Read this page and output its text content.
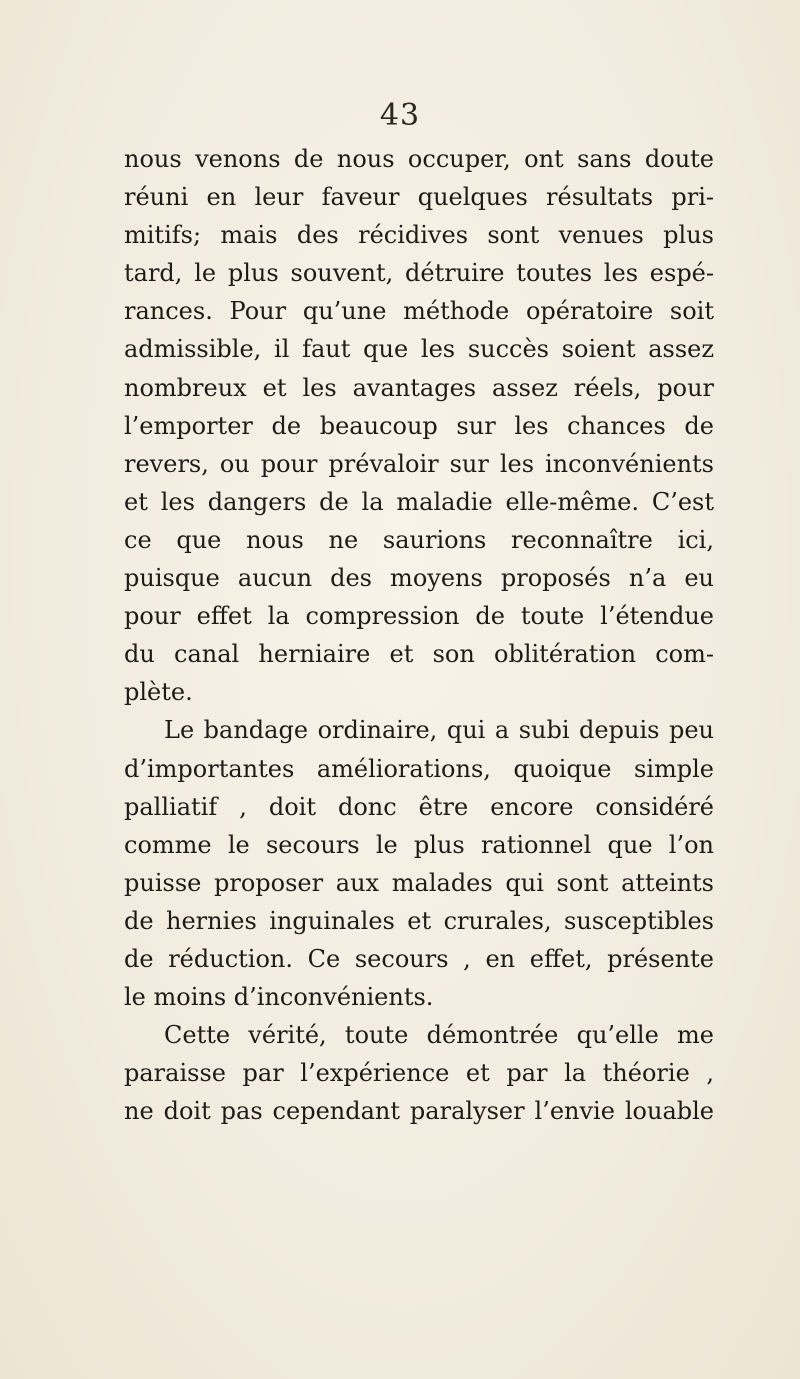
43
nous venons de nous occuper, ont sans doute
réuni en leur faveur quelques résultats pri-
mitifs; mais des récidives sont venues plus
tard, le plus souvent, détruire toutes les espé-
rances. Pour qu’une méthode opératoire soit
admissible, il faut que les succès soient assez
nombreux et les avantages assez réels, pour
l’emporter de beaucoup sur les chances de
revers, ou pour prévaloir sur les inconvénients
et les dangers de la maladie elle-même. C’est
ce que nous ne saurions reconnaître ici,
puisque aucun des moyens proposés n’a eu
pour effet la compression de toute l’étendue
du canal herniaire et son oblitération com-
plète.
Le bandage ordinaire, qui a subi depuis peu
d’importantes améliorations, quoique simple
palliatif , doit donc être encore considéré
comme le secours le plus rationnel que l’on
puisse proposer aux malades qui sont atteints
de hernies inguinales et crurales, susceptibles
de réduction. Ce secours , en effet, présente
le moins d’inconvénients.
Cette vérité, toute démontrée qu’elle me
paraisse par l’expérience et par la théorie ,
ne doit pas cependant paralyser l’envie louable
